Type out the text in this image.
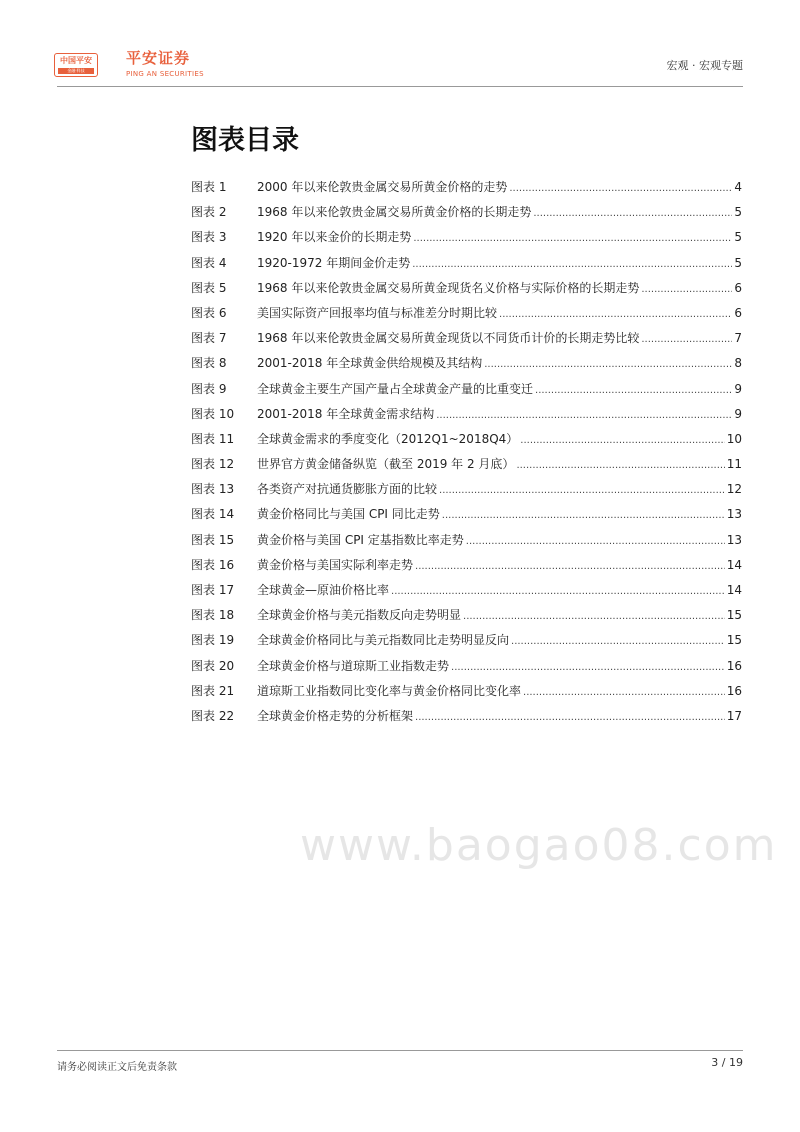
中国平安
金融·科技
平安证券
PING AN SECURITIES
宏观 · 宏观专题
图表目录
图表 1	2000 年以来伦敦贵金属交易所黄金价格的走势 .....	4
图表 2	1968 年以来伦敦贵金属交易所黄金价格的长期走势 .....	5
图表 3	1920 年以来金价的长期走势 .....	5
图表 4	1920-1972 年期间金价走势 .....	5
图表 5	1968 年以来伦敦贵金属交易所黄金现货名义价格与实际价格的长期走势 .....	6
图表 6	美国实际资产回报率均值与标准差分时期比较 .....	6
图表 7	1968 年以来伦敦贵金属交易所黄金现货以不同货币计价的长期走势比较 .....	7
图表 8	2001-2018 年全球黄金供给规模及其结构 .....	8
图表 9	全球黄金主要生产国产量占全球黄金产量的比重变迁 .....	9
图表 10	2001-2018 年全球黄金需求结构 .....	9
图表 11	全球黄金需求的季度变化（2012Q1~2018Q4） .....	10
图表 12	世界官方黄金储备纵览（截至 2019 年 2 月底） .....	11
图表 13	各类资产对抗通货膨胀方面的比较 .....	12
图表 14	黄金价格同比与美国 CPI 同比走势 .....	13
图表 15	黄金价格与美国 CPI 定基指数比率走势 .....	13
图表 16	黄金价格与美国实际利率走势 .....	14
图表 17	全球黄金—原油价格比率 .....	14
图表 18	全球黄金价格与美元指数反向走势明显 .....	15
图表 19	全球黄金价格同比与美元指数同比走势明显反向 .....	15
图表 20	全球黄金价格与道琼斯工业指数走势 .....	16
图表 21	道琼斯工业指数同比变化率与黄金价格同比变化率 .....	16
图表 22	全球黄金价格走势的分析框架 .....	17
www.baogao08.com
请务必阅读正文后免责条款	3 / 19
